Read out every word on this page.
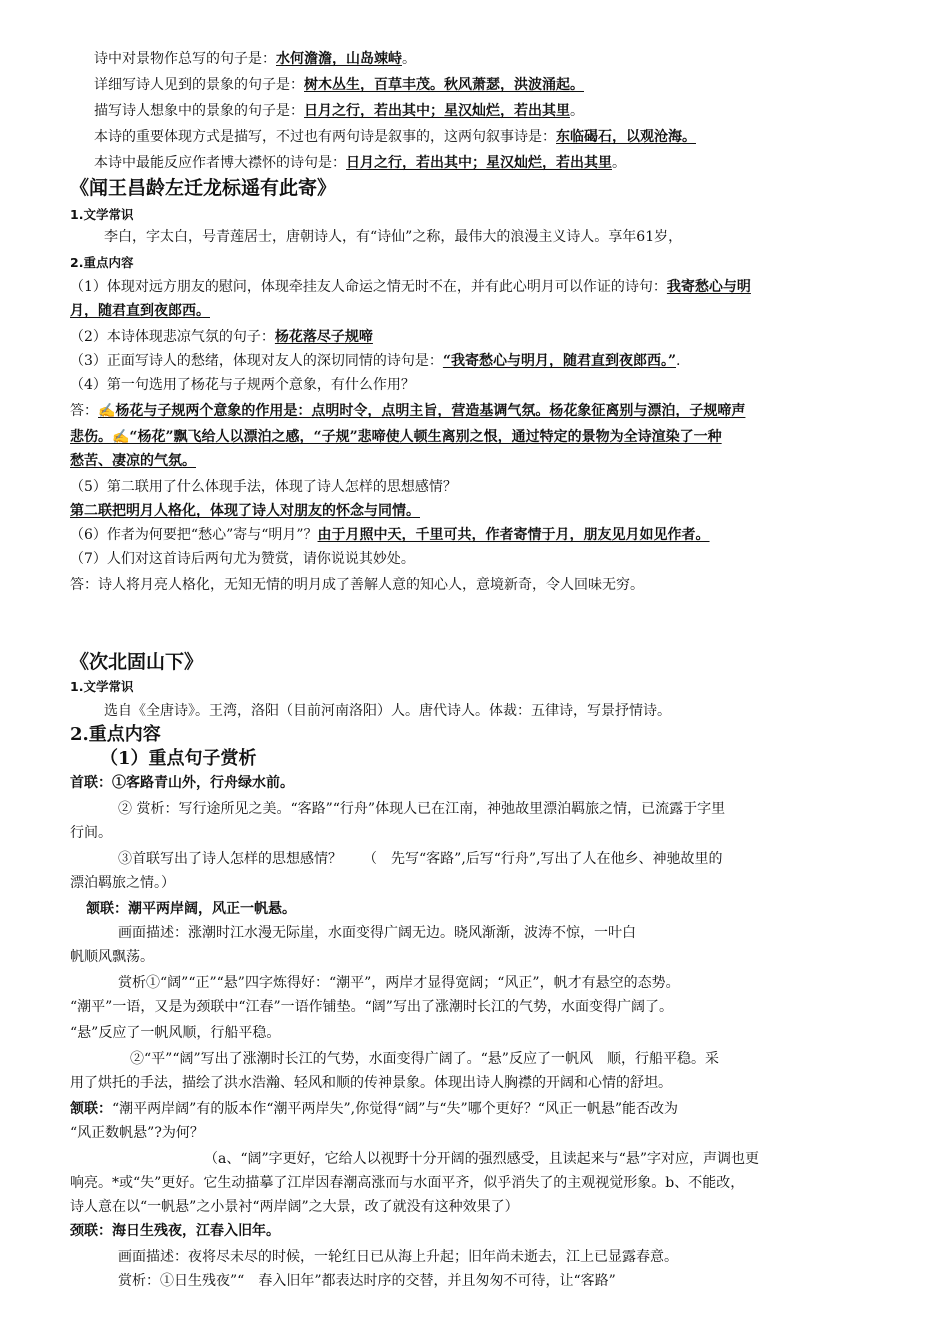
诗中对景物作总写的句子是：水何澹澹，山岛竦峙。
详细写诗人见到的景象的句子是：树木丛生，百草丰茂。秋风萧瑟，洪波涌起。
描写诗人想象中的景象的句子是：日月之行，若出其中；星汉灿烂，若出其里。
本诗的重要体现方式是描写，不过也有两句诗是叙事的，这两句叙事诗是：东临碣石，以观沧海。
本诗中最能反应作者博大襟怀的诗句是：日月之行，若出其中；星汉灿烂，若出其里。
《闻王昌龄左迁龙标遥有此寄》
1.文学常识
李白，字太白，号青莲居士，唐朝诗人，有“诗仙”之称，最伟大的浪漫主义诗人。享年61岁，
2.重点内容
（1）体现对远方朋友的慰问，体现牵挂友人命运之情无时不在，并有此心明月可以作证的诗句：我寄愁心与明
月，随君直到夜郎西。
（2）本诗体现悲凉气氛的句子：杨花落尽子规啼
（3）正面写诗人的愁绪，体现对友人的深切同情的诗句是：“我寄愁心与明月，随君直到夜郎西。”.
（4）第一句选用了杨花与子规两个意象，有什么作用？
答：✍杨花与子规两个意象的作用是：点明时令，点明主旨，营造基调气氛。杨花象征离别与漂泊，子规啼声
悲伤。✍“杨花”飘飞给人以漂泊之感，“子规”悲啼使人顿生离别之恨，通过特定的景物为全诗渲染了一种
愁苦、凄凉的气氛。
（5）第二联用了什么体现手法，体现了诗人怎样的思想感情？
第二联把明月人格化，体现了诗人对朋友的怀念与同情。
（6）作者为何要把“愁心”寄与“明月”？由于月照中天，千里可共，作者寄情于月，朋友见月如见作者。
（7）人们对这首诗后两句尤为赞赏，请你说说其妙处。
答：诗人将月亮人格化，无知无情的明月成了善解人意的知心人，意境新奇，令人回味无穷。
《次北固山下》
1.文学常识
选自《全唐诗》。王湾，洛阳（目前河南洛阳）人。唐代诗人。体裁：五律诗，写景抒情诗。
2.重点内容
（1）重点句子赏析
首联：①客路青山外，行舟绿水前。
② 赏析：写行途所见之美。“客路”“行舟”体现人已在江南，神弛故里漂泊羁旅之情，已流露于字里
行间。
③首联写出了诗人怎样的思想感情？　　（　先写“客路”,后写“行舟”,写出了人在他乡、神驰故里的
漂泊羁旅之情。）
颔联：潮平两岸阔，风正一帆悬。
画面描述：涨潮时江水漫无际崖，水面变得广阔无边。晓风渐渐，波涛不惊，一叶白
帆顺风飘荡。
赏析①“阔”“正”“悬”四字炼得好：“潮平”，两岸才显得宽阔；“风正”，帆才有悬空的态势。
“潮平”一语，又是为颈联中“江春”一语作铺垫。“阔”写出了涨潮时长江的气势，水面变得广阔了。
“悬”反应了一帆风顺，行船平稳。
②“平”“阔”写出了涨潮时长江的气势，水面变得广阔了。“悬”反应了一帆风　顺，行船平稳。采
用了烘托的手法，描绘了洪水浩瀚、轻风和顺的传神景象。体现出诗人胸襟的开阔和心情的舒坦。
颔联：“潮平两岸阔”有的版本作“潮平两岸失”,你觉得“阔”与“失”哪个更好？“风正一帆悬”能否改为
“风正数帆悬”?为何？
（a、“阔”字更好，它给人以视野十分开阔的强烈感受，且读起来与“悬”字对应，声调也更
响亮。*或“失”更好。它生动描摹了江岸因春潮高涨而与水面平齐，似乎消失了的主观视觉形象。b、不能改，
诗人意在以“一帆悬”之小景衬“两岸阔”之大景，改了就没有这种效果了）
颈联：海日生残夜，江春入旧年。
画面描述：夜将尽未尽的时候，一轮红日已从海上升起；旧年尚未逝去，江上已显露春意。
赏析：①日生残夜”“　春入旧年”都表达时序的交替，并且匆匆不可待，让“客路”
